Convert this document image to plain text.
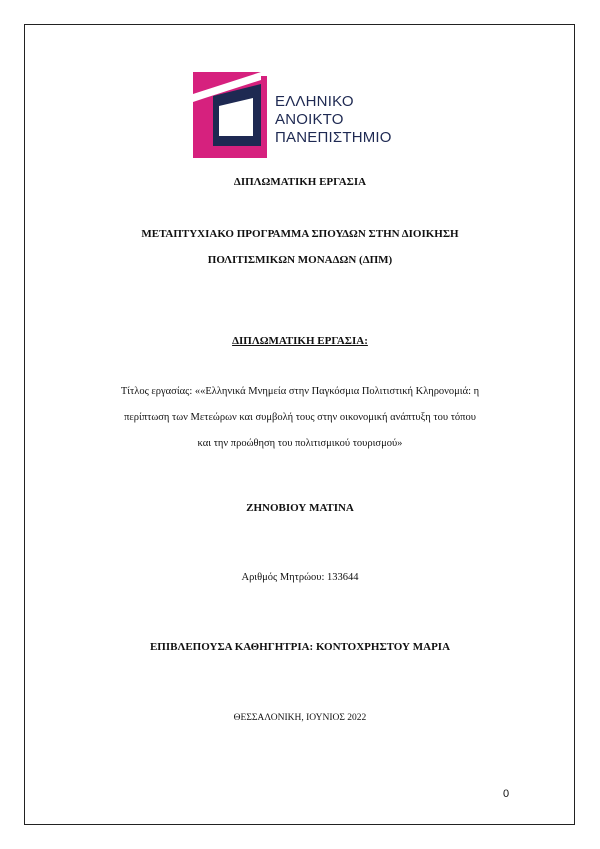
ΕΛΛΗΝΙΚΟ
ΑΝΟΙΚΤΟ
ΠΑΝΕΠΙΣΤΗΜΙΟ
ΔΙΠΛΩΜΑΤΙΚΗ ΕΡΓΑΣΙΑ
ΜΕΤΑΠΤΥΧΙΑΚΟ ΠΡΟΓΡΑΜΜΑ ΣΠΟΥΔΩΝ ΣΤΗΝ ΔΙΟΙΚΗΣΗ
ΠΟΛΙΤΙΣΜΙΚΩΝ ΜΟΝΑΔΩΝ (ΔΠΜ)
ΔΙΠΛΩΜΑΤΙΚΗ ΕΡΓΑΣΙΑ:
Τίτλος εργασίας: ««Ελληνικά Μνημεία στην Παγκόσμια Πολιτιστική Κληρονομιά: η
περίπτωση των Μετεώρων και συμβολή τους στην οικονομική ανάπτυξη του τόπου
και την προώθηση του πολιτισμικού τουρισμού»
ΖΗΝΟΒΙΟΥ ΜΑΤΙΝΑ
Αριθμός Μητρώου: 133644
ΕΠΙΒΛΕΠΟΥΣΑ ΚΑΘΗΓΗΤΡΙΑ: ΚΟΝΤΟΧΡΗΣΤΟΥ ΜΑΡΙΑ
ΘΕΣΣΑΛΟΝΙΚΗ, ΙΟΥΝΙΟΣ 2022
0
